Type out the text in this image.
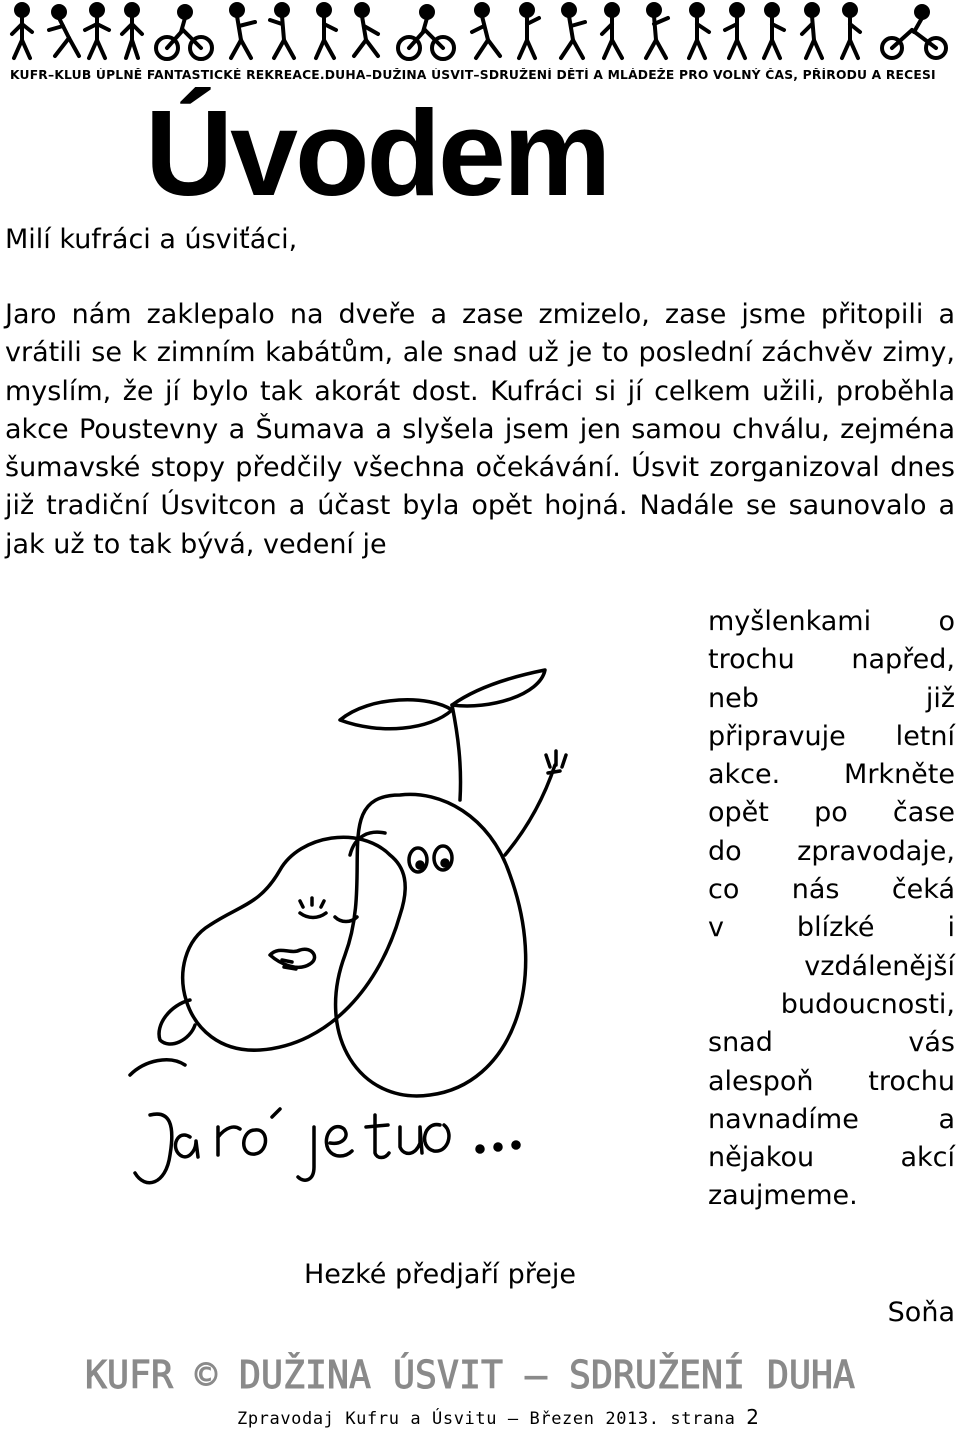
KUFR–KLUB ÚPLNĚ FANTASTICKÉ REKREACE.DUHA–DUŽINA ÚSVIT–SDRUŽENÍ DĚTÍ A MLÁDEŽE PRO VOLNÝ ČAS, PŘÍRODU A RECESI
Úvodem

Milí kufráci a úsviťáci,

Jaro nám zaklepalo na dveře a zase zmizelo, zase jsme přitopili a vrátili se k zimním kabátům, ale snad už je to poslední záchvěv zimy, myslím, že jí bylo tak akorát dost. Kufráci si jí celkem užili, proběhla akce Poustevny a Šumava a slyšela jsem jen samou chválu, zejména šumavské stopy předčily všechna očekávání. Úsvit zorganizoval dnes již tradiční Úsvitcon a účast byla opět hojná. Nadále se saunovalo a jak už to tak bývá, vedení je

myšlenkami o
trochu napřed,
neb již
připravuje letní
akce. Mrkněte
opět po čase
do zpravodaje,
co nás čeká
v blízké i
vzdálenější
budoucnosti,
snad vás
alespoň trochu
navnadíme a
nějakou akcí
zaujmeme.

Hezké předjaří přeje

Soňa

KUFR © DUŽINA ÚSVIT – SDRUŽENÍ DUHA

Zpravodaj Kufru a Úsvitu – Březen 2013. strana 2
